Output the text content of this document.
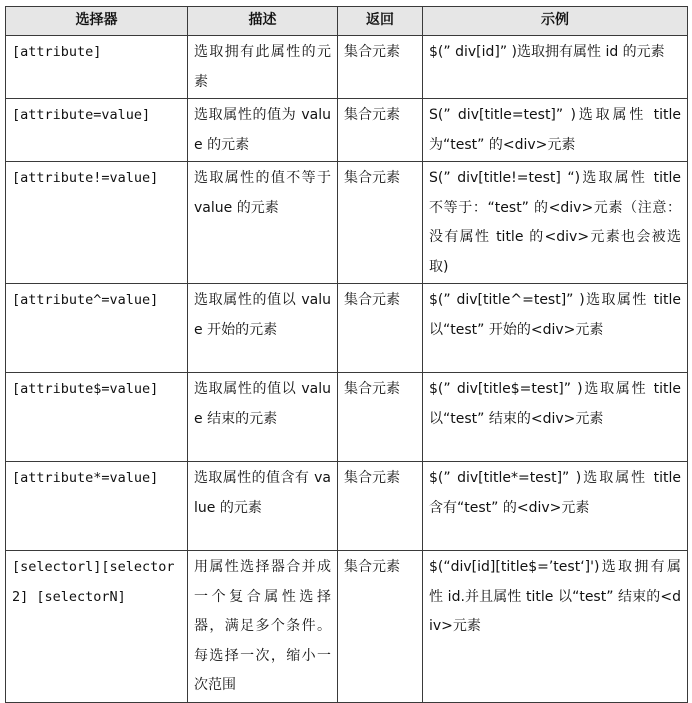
选择器	描述	返回	示例
[attribute]	选取拥有此属性的元素	集合元素	$(” div[id]” )选取拥有属性 id 的元素
[attribute=value]	选取属性的值为 value 的元素	集合元素	S(” div[title=test]” )选取属性 title 为“test” 的<div>元素
[attribute!=value]	选取属性的值不等于 value 的元素	集合元素	S(” div[title!=test] “)选取属性 title 不等于：“test” 的<div>元素（注意：没有属性 title 的<div>元素也会被选取)
[attribute^=value]	选取属性的值以 value 开始的元素	集合元素	$(” div[title^=test]” )选取属性 title 以“test” 开始的<div>元素
[attribute$=value]	选取属性的值以 value 结束的元素	集合元素	$(” div[title$=test]” )选取属性 title 以“test” 结束的<div>元素
[attribute*=value]	选取属性的值含有 value 的元素	集合元素	$(” div[title*=test]” )选取属性 title 含有“test” 的<div>元素
[selectorl][selector2] [selectorN]	用属性选择器合并成一个复合属性选择器，满足多个条件。每选择一次，缩小一次范围	集合元素	$(“div[id][title$=’test‘]')选取拥有属性 id.并且属性 title 以“test” 结束的<div>元素
